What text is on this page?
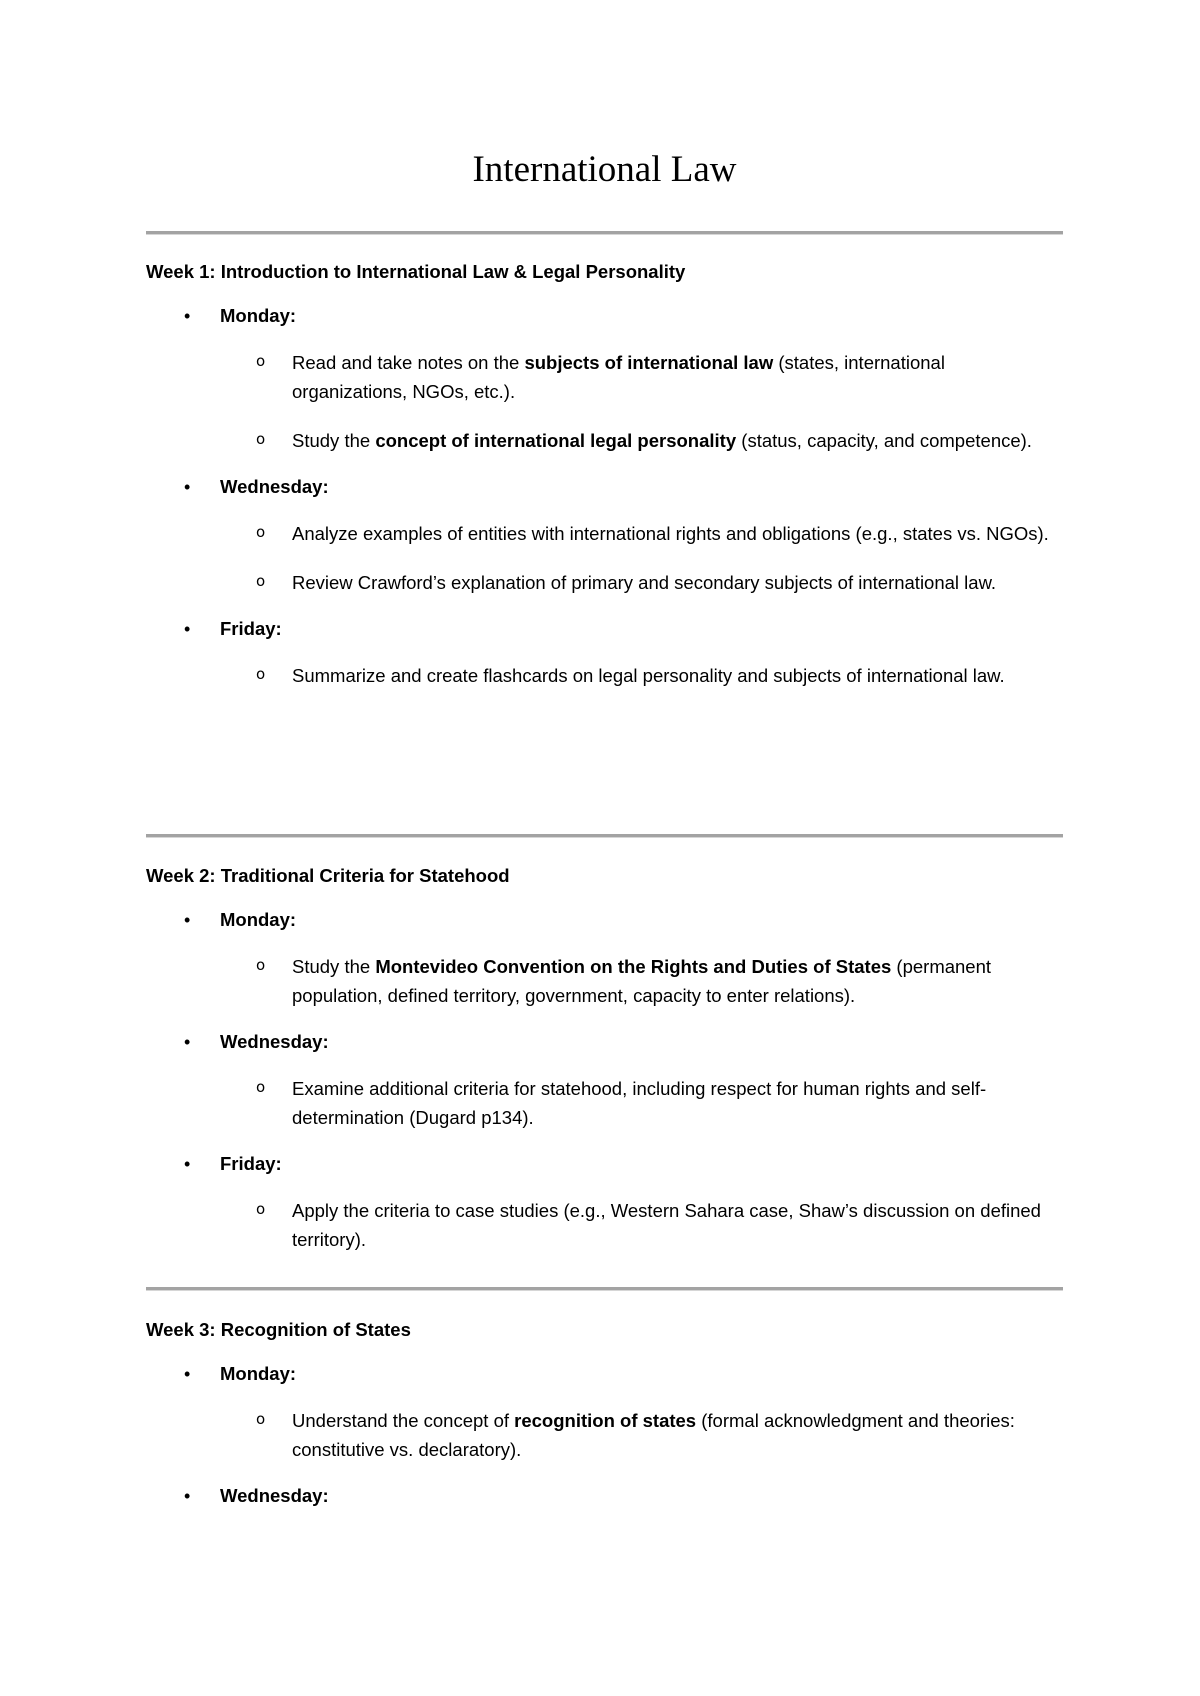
International Law
Week 1: Introduction to International Law & Legal Personality
• Monday:
o Read and take notes on the subjects of international law (states, international organizations, NGOs, etc.).
o Study the concept of international legal personality (status, capacity, and competence).
• Wednesday:
o Analyze examples of entities with international rights and obligations (e.g., states vs. NGOs).
o Review Crawford’s explanation of primary and secondary subjects of international law.
• Friday:
o Summarize and create flashcards on legal personality and subjects of international law.
Week 2: Traditional Criteria for Statehood
• Monday:
o Study the Montevideo Convention on the Rights and Duties of States (permanent population, defined territory, government, capacity to enter relations).
• Wednesday:
o Examine additional criteria for statehood, including respect for human rights and self-determination (Dugard p134).
• Friday:
o Apply the criteria to case studies (e.g., Western Sahara case, Shaw’s discussion on defined territory).
Week 3: Recognition of States
• Monday:
o Understand the concept of recognition of states (formal acknowledgment and theories: constitutive vs. declaratory).
• Wednesday:
